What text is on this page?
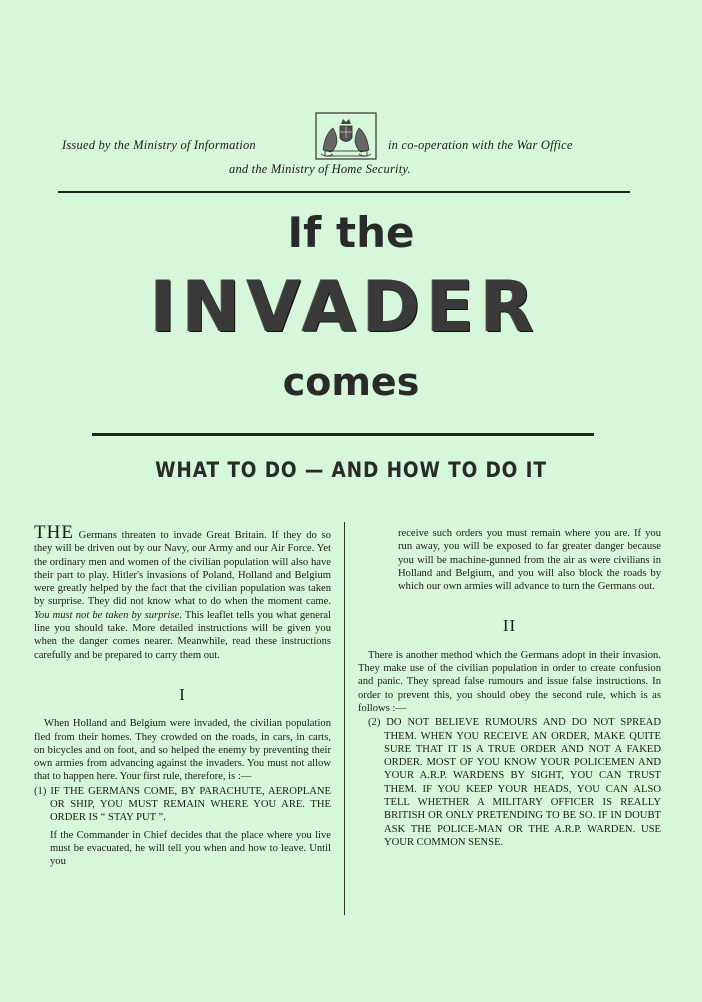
Issued by the Ministry of Information	in co-operation with the War Office
and the Ministry of Home Security.
If the
INVADER
comes
WHAT TO DO — AND HOW TO DO IT

THE Germans threaten to invade Great Britain. If they do so they will be driven out by our Navy, our Army and our Air Force. Yet the ordinary men and women of the civilian population will also have their part to play. Hitler's invasions of Poland, Holland and Belgium were greatly helped by the fact that the civilian population was taken by surprise. They did not know what to do when the moment came. You must not be taken by surprise. This leaflet tells you what general line you should take. More detailed instructions will be given you when the danger comes nearer. Meanwhile, read these instructions carefully and be prepared to carry them out.

I

When Holland and Belgium were invaded, the civilian population fled from their homes. They crowded on the roads, in cars, in carts, on bicycles and on foot, and so helped the enemy by preventing their own armies from advancing against the invaders. You must not allow that to happen here. Your first rule, therefore, is :—

(1) IF THE GERMANS COME, BY PARACHUTE, AEROPLANE OR SHIP, YOU MUST REMAIN WHERE YOU ARE. THE ORDER IS “ STAY PUT ”.

If the Commander in Chief decides that the place where you live must be evacuated, he will tell you when and how to leave. Until you

receive such orders you must remain where you are. If you run away, you will be exposed to far greater danger because you will be machine-gunned from the air as were civilians in Holland and Belgium, and you will also block the roads by which our own armies will advance to turn the Germans out.

II

There is another method which the Germans adopt in their invasion. They make use of the civilian population in order to create confusion and panic. They spread false rumours and issue false instructions. In order to prevent this, you should obey the second rule, which is as follows :—

(2) DO NOT BELIEVE RUMOURS AND DO NOT SPREAD THEM. WHEN YOU RECEIVE AN ORDER, MAKE QUITE SURE THAT IT IS A TRUE ORDER AND NOT A FAKED ORDER. MOST OF YOU KNOW YOUR POLICEMEN AND YOUR A.R.P. WARDENS BY SIGHT, YOU CAN TRUST THEM. IF YOU KEEP YOUR HEADS, YOU CAN ALSO TELL WHETHER A MILITARY OFFICER IS REALLY BRITISH OR ONLY PRETENDING TO BE SO. IF IN DOUBT ASK THE POLICE-MAN OR THE A.R.P. WARDEN. USE YOUR COMMON SENSE.
